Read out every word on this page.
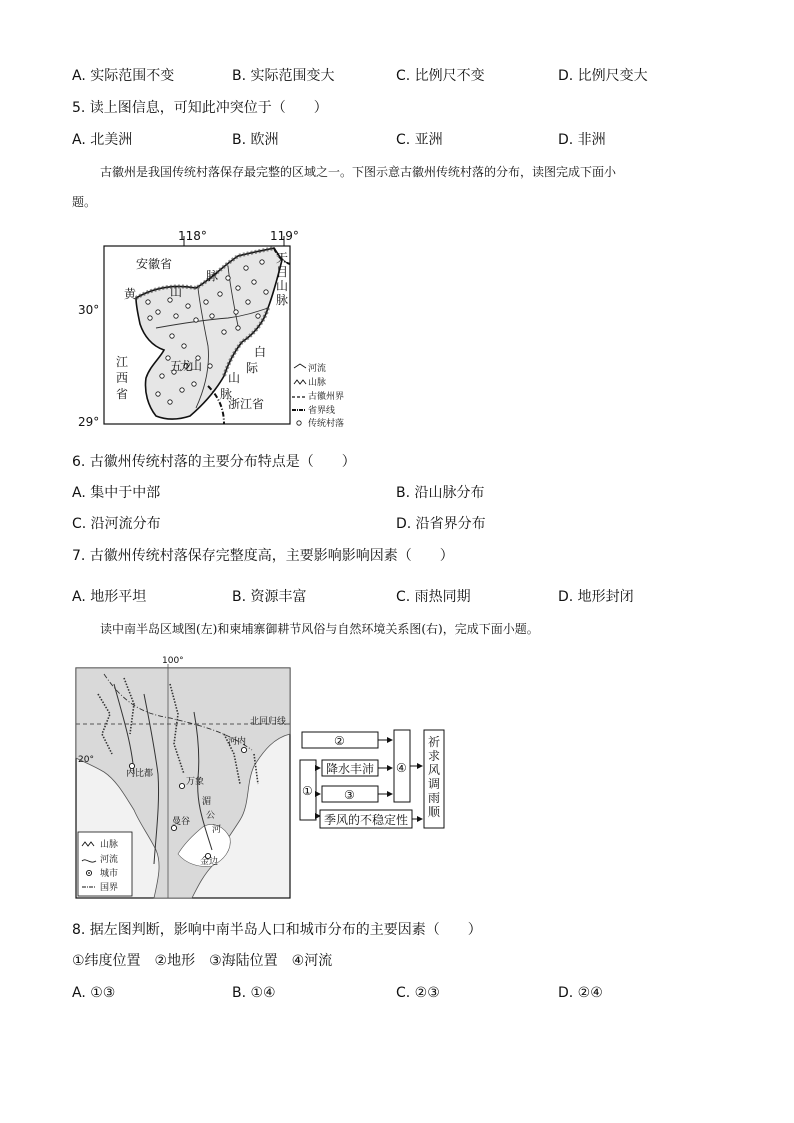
A. 实际范围不变	B. 实际范围变大	C. 比例尺不变	D. 比例尺变大
5. 读上图信息，可知此冲突位于（　　）
A. 北美洲	B. 欧洲	C. 亚洲	D. 非洲
古徽州是我国传统村落保存最完整的区域之一。下图示意古徽州传统村落的分布，读图完成下面小
题。
118°	119°
30°
29°
安徽省
黄	山
脉
天
目
山
脉
江
西
省
五
龙
山
白
际
山
脉
浙江省
河流
山脉
古徽州界
省界线
传统村落
6. 古徽州传统村落的主要分布特点是（　　）
A. 集中于中部	B. 沿山脉分布
C. 沿河流分布	D. 沿省界分布
7. 古徽州传统村落保存完整度高，主要影响影响因素（　　）
A. 地形平坦	B. 资源丰富	C. 雨热同期	D. 地形封闭
读中南半岛区域图(左)和柬埔寨御耕节风俗与自然环境关系图(右)，完成下面小题。
100°
20°
北回归线
河内
内比都
万象
曼谷
金边
湄
公
河
山脉
河流
城市
国界
②
①
降水丰沛
③
④
季风的不稳定性
祈
求
风
调
雨
顺
8. 据左图判断，影响中南半岛人口和城市分布的主要因素（　　）
①纬度位置　②地形　③海陆位置　④河流
A. ①③	B. ①④	C. ②③	D. ②④
